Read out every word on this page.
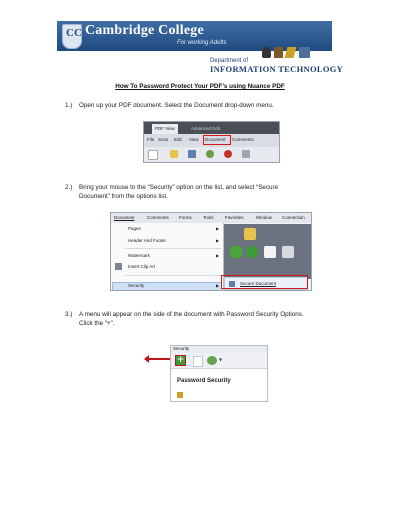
CC Cambridge College
For working Adults
Department of
INFORMATION TECHNOLOGY
How To Password Protect Your PDF’s using Nuance PDF
1.) Open up your PDF document. Select the Document drop-down menu.
PDF View	Advanced Edit
File Scan Edit View Document Comments
2.) Bring your mouse to the “Security” option on the list, and select “Secure
Document” from the options list.
Document	Comments Forms	Tools	Favorites	Window Connection
Pages	▶
Header And Footer	▶
Watermark	▶
Insert Clip Art
Security	▶	Secure Document
3.) A menu will appear on the side of the document with Password Security Options.
Click the “+”.
Security
+	▼
Password Security
